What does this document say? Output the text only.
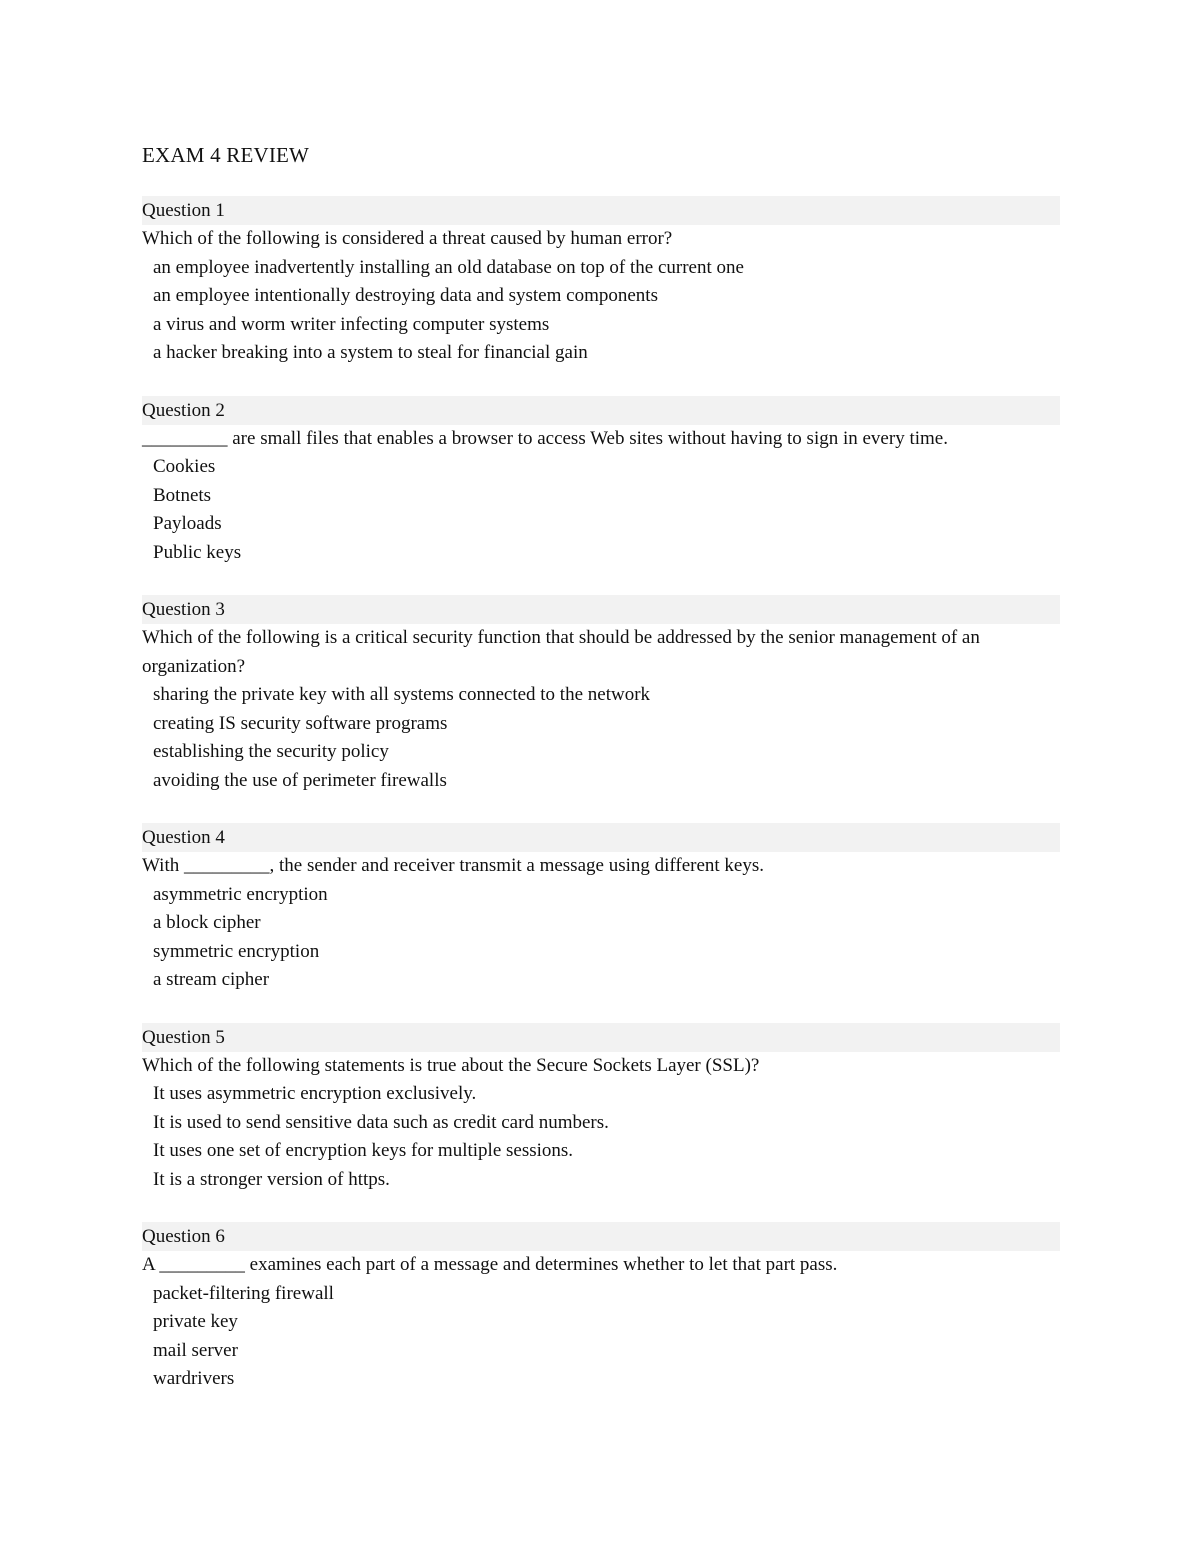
EXAM 4 REVIEW
Question 1

Which of the following is considered a threat caused by human error?

an employee inadvertently installing an old database on top of the current one
an employee intentionally destroying data and system components
a virus and worm writer infecting computer systems
a hacker breaking into a system to steal for financial gain
Question 2

_________ are small files that enables a browser to access Web sites without having to sign in every time.

Cookies
Botnets
Payloads
Public keys
Question 3

Which of the following is a critical security function that should be addressed by the senior management of an organization?

sharing the private key with all systems connected to the network
creating IS security software programs
establishing the security policy
avoiding the use of perimeter firewalls
Question 4

With _________, the sender and receiver transmit a message using different keys.

asymmetric encryption
a block cipher
symmetric encryption
a stream cipher
Question 5

Which of the following statements is true about the Secure Sockets Layer (SSL)?

It uses asymmetric encryption exclusively.
It is used to send sensitive data such as credit card numbers.
It uses one set of encryption keys for multiple sessions.
It is a stronger version of https.
Question 6

A _________ examines each part of a message and determines whether to let that part pass.

packet-filtering firewall
private key
mail server
wardrivers
